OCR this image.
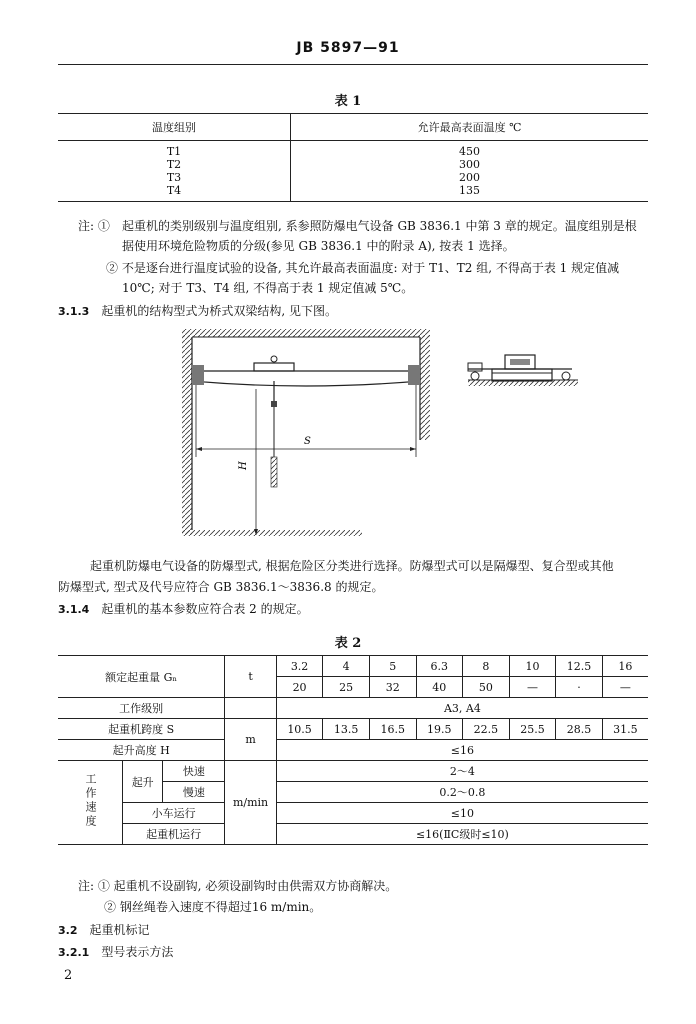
JB 5897—91
表 1
温度组别	允许最高表面温度 ℃
T1	450
T2	300
T3	200
T4	135
注: ① 起重机的类别级别与温度组别, 系参照防爆电气设备 GB 3836.1 中第 3 章的规定。温度组别是根
据使用环境危险物质的分级(参见 GB 3836.1 中的附录 A), 按表 1 选择。
② 不是逐台进行温度试验的设备, 其允许最高表面温度: 对于 T1、T2 组, 不得高于表 1 规定值减
10℃; 对于 T3、T4 组, 不得高于表 1 规定值减 5℃。
3.1.3 起重机的结构型式为桥式双梁结构, 见下图。
S
H
起重机防爆电气设备的防爆型式, 根据危险区分类进行选择。防爆型式可以是隔爆型、复合型或其他
防爆型式, 型式及代号应符合 GB 3836.1～3836.8 的规定。
3.1.4 起重机的基本参数应符合表 2 的规定。
表 2
额定起重量 Gₙ			t	3.2	4	5	6.3	8	10	12.5	16
				20	25	32	40	50	—	·	—
工作级别				A3, A4							
起重机跨度 S			m	10.5	13.5	16.5	19.5	22.5	25.5	28.5	31.5
起升高度 H				≤16							
工作速度	起升	快速	m/min	2～4							
		慢速		0.2～0.8							
	小车运行			≤10							
	起重机运行			≤16(ⅡC级时≤10)							
注: ① 起重机不设副钩, 必须设副钩时由供需双方协商解决。
② 钢丝绳卷入速度不得超过16 m/min。
3.2 起重机标记
3.2.1 型号表示方法
2
